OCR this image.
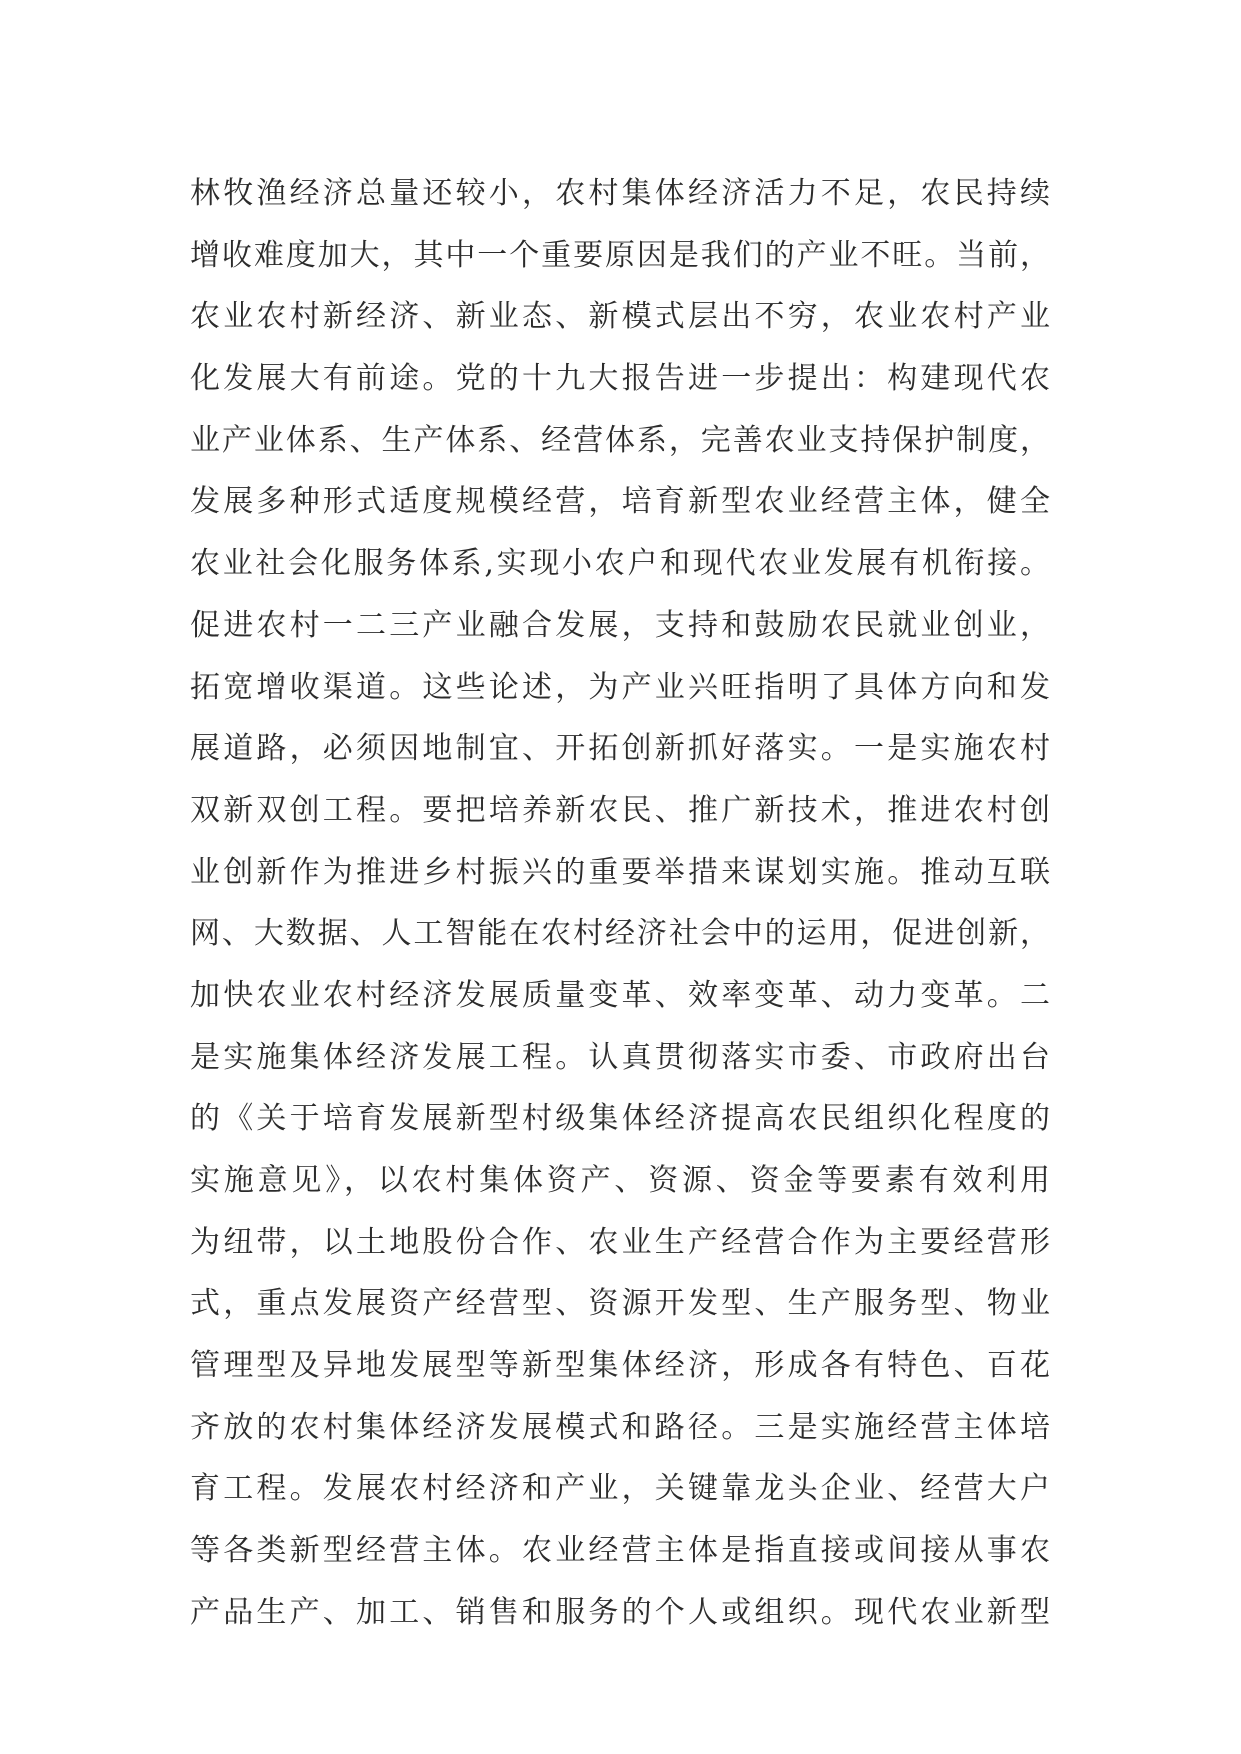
林牧渔经济总量还较小，农村集体经济活力不足，农民持续
增收难度加大，其中一个重要原因是我们的产业不旺。当前，
农业农村新经济、新业态、新模式层出不穷，农业农村产业
化发展大有前途。党的十九大报告进一步提出：构建现代农
业产业体系、生产体系、经营体系，完善农业支持保护制度，
发展多种形式适度规模经营，培育新型农业经营主体，健全
农业社会化服务体系,实现小农户和现代农业发展有机衔接。
促进农村一二三产业融合发展，支持和鼓励农民就业创业，
拓宽增收渠道。这些论述，为产业兴旺指明了具体方向和发
展道路，必须因地制宜、开拓创新抓好落实。一是实施农村
双新双创工程。要把培养新农民、推广新技术，推进农村创
业创新作为推进乡村振兴的重要举措来谋划实施。推动互联
网、大数据、人工智能在农村经济社会中的运用，促进创新，
加快农业农村经济发展质量变革、效率变革、动力变革。二
是实施集体经济发展工程。认真贯彻落实市委、市政府出台
的《关于培育发展新型村级集体经济提高农民组织化程度的
实施意见》，以农村集体资产、资源、资金等要素有效利用
为纽带，以土地股份合作、农业生产经营合作为主要经营形
式，重点发展资产经营型、资源开发型、生产服务型、物业
管理型及异地发展型等新型集体经济，形成各有特色、百花
齐放的农村集体经济发展模式和路径。三是实施经营主体培
育工程。发展农村经济和产业，关键靠龙头企业、经营大户
等各类新型经营主体。农业经营主体是指直接或间接从事农
产品生产、加工、销售和服务的个人或组织。现代农业新型
